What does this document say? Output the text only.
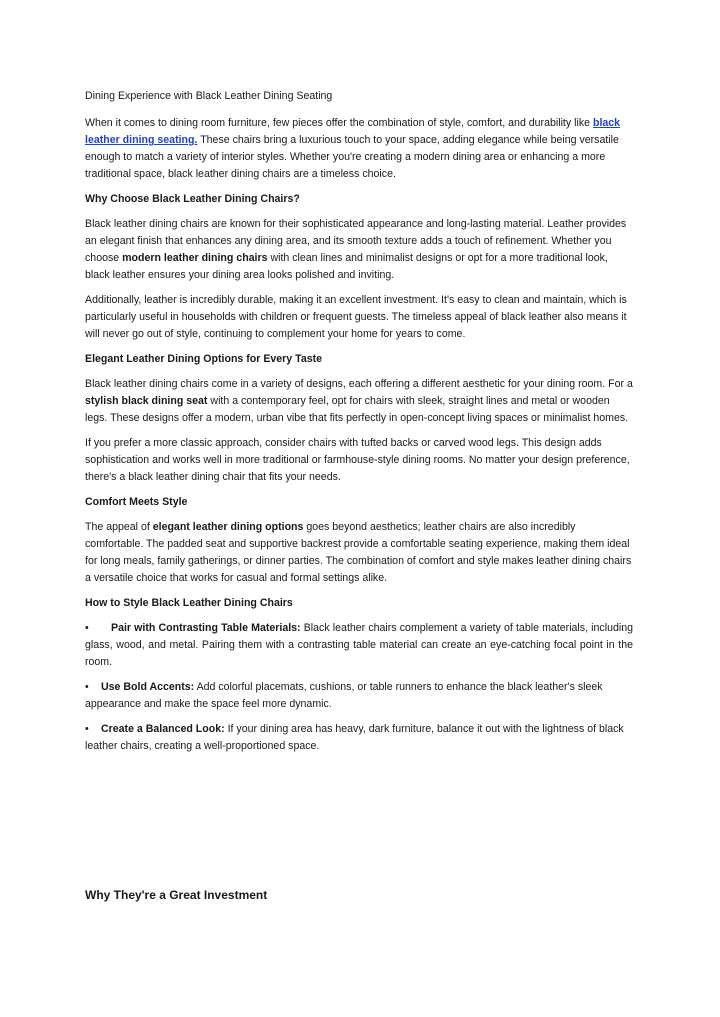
Dining Experience with Black Leather Dining Seating

When it comes to dining room furniture, few pieces offer the combination of style, comfort, and durability like black leather dining seating. These chairs bring a luxurious touch to your space, adding elegance while being versatile enough to match a variety of interior styles. Whether you're creating a modern dining area or enhancing a more traditional space, black leather dining chairs are a timeless choice.

Why Choose Black Leather Dining Chairs?

Black leather dining chairs are known for their sophisticated appearance and long-lasting material. Leather provides an elegant finish that enhances any dining area, and its smooth texture adds a touch of refinement. Whether you choose modern leather dining chairs with clean lines and minimalist designs or opt for a more traditional look, black leather ensures your dining area looks polished and inviting.

Additionally, leather is incredibly durable, making it an excellent investment. It's easy to clean and maintain, which is particularly useful in households with children or frequent guests. The timeless appeal of black leather also means it will never go out of style, continuing to complement your home for years to come.

Elegant Leather Dining Options for Every Taste

Black leather dining chairs come in a variety of designs, each offering a different aesthetic for your dining room. For a stylish black dining seat with a contemporary feel, opt for chairs with sleek, straight lines and metal or wooden legs. These designs offer a modern, urban vibe that fits perfectly in open-concept living spaces or minimalist homes.

If you prefer a more classic approach, consider chairs with tufted backs or carved wood legs. This design adds sophistication and works well in more traditional or farmhouse-style dining rooms. No matter your design preference, there's a black leather dining chair that fits your needs.

Comfort Meets Style

The appeal of elegant leather dining options goes beyond aesthetics; leather chairs are also incredibly comfortable. The padded seat and supportive backrest provide a comfortable seating experience, making them ideal for long meals, family gatherings, or dinner parties. The combination of comfort and style makes leather dining chairs a versatile choice that works for casual and formal settings alike.

How to Style Black Leather Dining Chairs

• Pair with Contrasting Table Materials: Black leather chairs complement a variety of table materials, including glass, wood, and metal. Pairing them with a contrasting table material can create an eye-catching focal point in the room.

• Use Bold Accents: Add colorful placemats, cushions, or table runners to enhance the black leather's sleek appearance and make the space feel more dynamic.

• Create a Balanced Look: If your dining area has heavy, dark furniture, balance it out with the lightness of black leather chairs, creating a well-proportioned space.

Why They're a Great Investment
